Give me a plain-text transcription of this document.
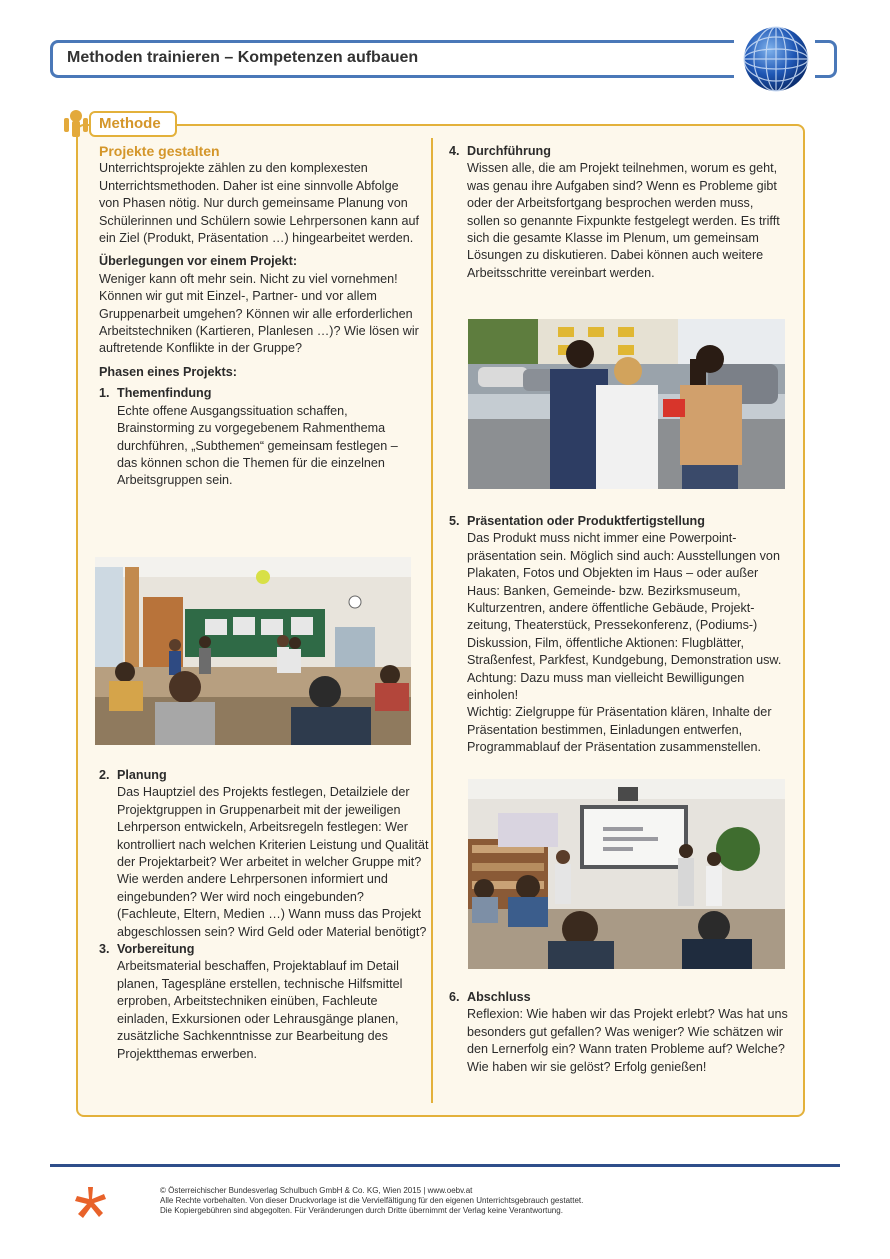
Methoden trainieren – Kompetenzen aufbauen
Methode

Projekte gestalten

Unterrichtsprojekte zählen zu den komplexesten Unterrichtsmethoden. Daher ist eine sinnvolle Abfolge von Phasen nötig. Nur durch gemeinsame Planung von Schülerinnen und Schülern sowie Lehrpersonen kann auf ein Ziel (Produkt, Präsentation …) hingearbeitet werden.

Überlegungen vor einem Projekt:

Weniger kann oft mehr sein. Nicht zu viel vornehmen! Können wir gut mit Einzel-, Partner- und vor allem Gruppenarbeit umgehen? Können wir alle erforderlichen Arbeitstechniken (Kartieren, Planlesen …)? Wie lösen wir auftretende Konflikte in der Gruppe?

Phasen eines Projekts:

1. Themenfindung

Echte offene Ausgangssituation schaffen, Brainstorming zu vorgegebenem Rahmenthema durchführen, „Subthemen“ gemeinsam festlegen – das können schon die Themen für die einzelnen Arbeitsgruppen sein.

2. Planung

Das Hauptziel des Projekts festlegen, Detailziele der Projektgruppen in Gruppenarbeit mit der jeweiligen Lehrperson entwickeln, Arbeitsregeln festlegen: Wer kontrolliert nach welchen Kriterien Leistung und Qualität der Projektarbeit? Wer arbeitet in welcher Gruppe mit? Wie werden andere Lehrpersonen informiert und eingebunden? Wer wird noch eingebunden? (Fachleute, Eltern, Medien …) Wann muss das Projekt abgeschlossen sein? Wird Geld oder Material benötigt?

3. Vorbereitung

Arbeitsmaterial beschaffen, Projektablauf im Detail planen, Tagespläne erstellen, technische Hilfsmittel erproben, Arbeitstechniken einüben, Fachleute einladen, Exkursionen oder Lehrausgänge planen, zusätzliche Sachkenntnisse zur Bearbeitung des Projektthemas erwerben.

4. Durchführung

Wissen alle, die am Projekt teilnehmen, worum es geht, was genau ihre Aufgaben sind? Wenn es Probleme gibt oder der Arbeitsfortgang besprochen werden muss, sollen so genannte Fixpunkte festgelegt werden. Es trifft sich die gesamte Klasse im Plenum, um gemeinsam Lösungen zu diskutieren. Dabei können auch weitere Arbeitsschritte vereinbart werden.

5. Präsentation oder Produktfertigstellung

Das Produkt muss nicht immer eine Powerpoint-präsentation sein. Möglich sind auch: Ausstellungen von Plakaten, Fotos und Objekten im Haus – oder außer Haus: Banken, Gemeinde- bzw. Bezirksmuseum, Kulturzentren, andere öffentliche Gebäude, Projekt-zeitung, Theaterstück, Pressekonferenz, (Podiums-) Diskussion, Film, öffentliche Aktionen: Flugblätter, Straßenfest, Parkfest, Kundgebung, Demonstration usw. Achtung: Dazu muss man vielleicht Bewilligungen einholen!

Wichtig: Zielgruppe für Präsentation klären, Inhalte der Präsentation bestimmen, Einladungen entwerfen, Programmablauf der Präsentation zusammenstellen.

6. Abschluss

Reflexion: Wie haben wir das Projekt erlebt? Was hat uns besonders gut gefallen? Was weniger? Wie schätzen wir den Lernerfolg ein? Wann traten Probleme auf? Welche? Wie haben wir sie gelöst? Erfolg genießen!

© Österreichischer Bundesverlag Schulbuch GmbH & Co. KG, Wien 2015 | www.oebv.at
Alle Rechte vorbehalten. Von dieser Druckvorlage ist die Vervielfältigung für den eigenen Unterrichtsgebrauch gestattet.
Die Kopiergebühren sind abgegolten. Für Veränderungen durch Dritte übernimmt der Verlag keine Verantwortung.
